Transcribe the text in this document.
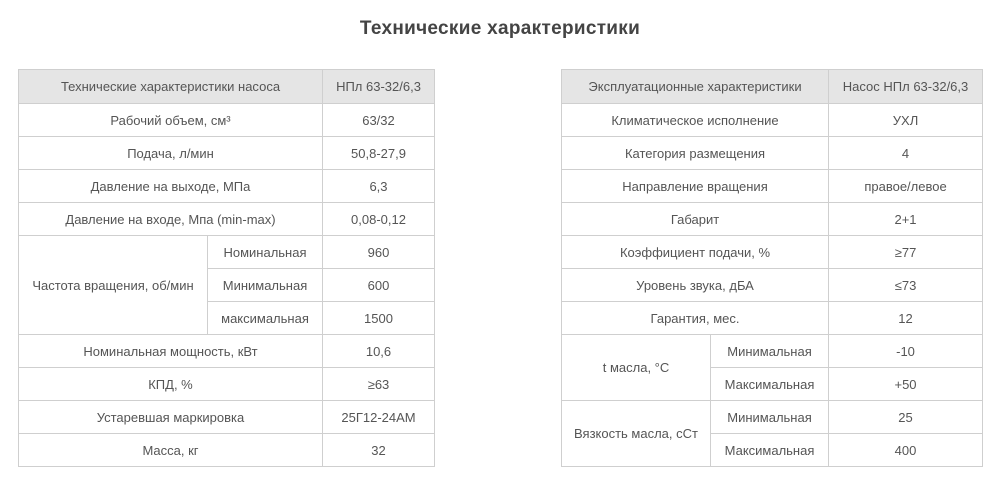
Технические характеристики
Технические характеристики насоса		НПл 63-32/6,3
Рабочий объем, см³		63/32
Подача, л/мин		50,8-27,9
Давление на выходе, МПа		6,3
Давление на входе, Мпа (min-max)		0,08-0,12
Частота вращения, об/мин	Номинальная	960
	Минимальная	600
	максимальная	1500
Номинальная мощность, кВт		10,6
КПД, %		≥63
Устаревшая маркировка		25Г12-24АМ
Масса, кг		32
Эксплуатационные характеристики		Насос НПл 63-32/6,3
Климатическое исполнение		УХЛ
Категория размещения		4
Направление вращения		правое/левое
Габарит		2+1
Коэффициент подачи, %		≥77
Уровень звука, дБА		≤73
Гарантия, мес.		12
t масла, °С	Минимальная	-10
	Максимальная	+50
Вязкость масла, сСт	Минимальная	25
	Максимальная	400
